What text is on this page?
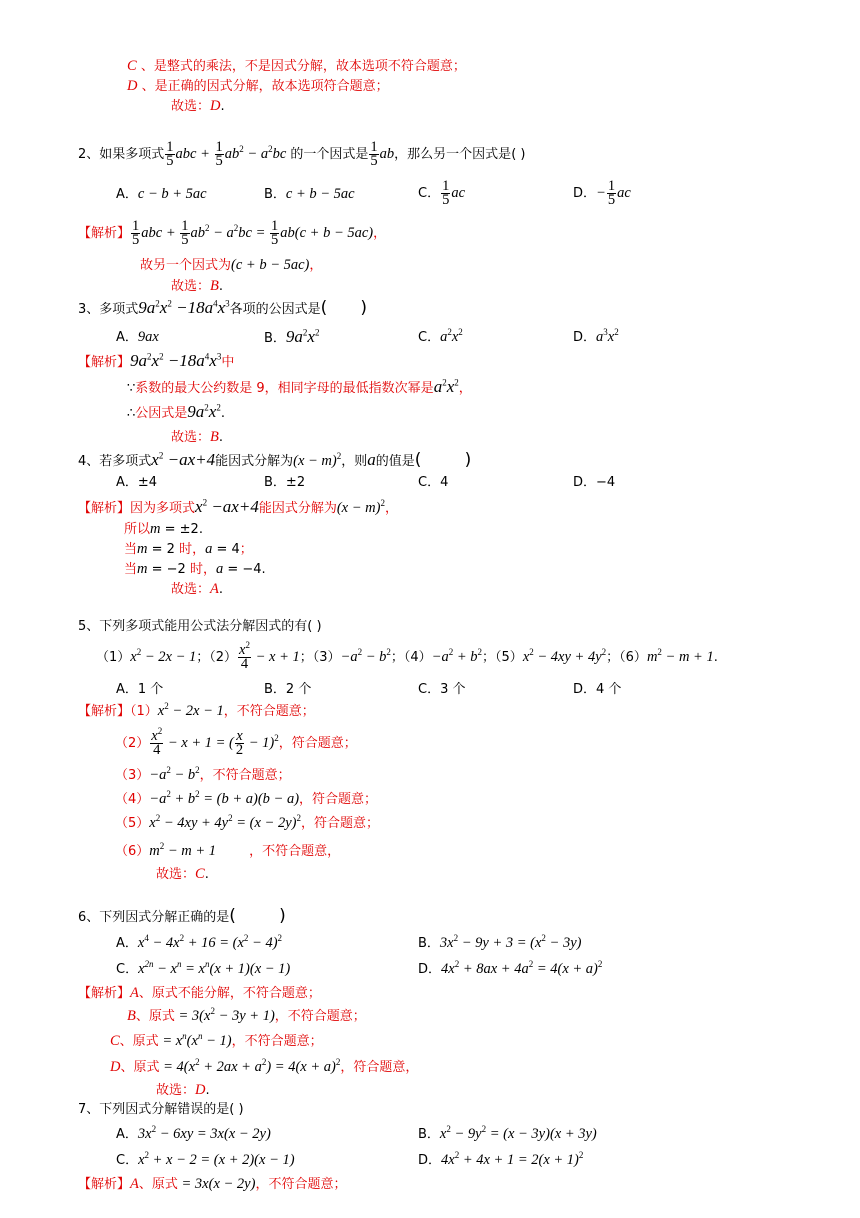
C 、是整式的乘法，不是因式分解，故本选项不符合题意；
D 、是正确的因式分解，故本选项符合题意；
故选：D.
2、如果多项式 $\frac{1}{5}$ abc + $\frac{1}{5} ab^2 - a^2bc$ 的一个因式是 $\frac{1}{5}$ ab，那么另一个因式是( )
A．c − b + 5ac	B．c + b − 5ac	C． $\frac{1}{5}$ ac	D．− $\frac{1}{5}$ ac
【解析】 $\frac{1}{5}$ abc + $\frac{1}{5} ab^2 - a^2bc = \frac{1}{5} ab(c + b - 5ac)$，
故另一个因式为(c + b − 5ac)，
故选：B.
3、多项式$9a^2x^2 -18a^4x^3$各项的公因式是( )
A．9ax	B．$9a^2x^2$	C．$a^2x^2$	D．$a^3x^2$
【解析】$9a^2x^2 -18a^4x^3$中
∵系数的最大公约数是 9，相同字母的最低指数次幂是$a^2x^2$，
∴公因式是$9a^2x^2$.
故选：B.
4、若多项式$x^2 -ax+4$能因式分解为$(x - m)^2$，则a的值是(        )
A．±4	B．±2	C．4	D．−4
【解析】因为多项式$x^2 -ax+4$能因式分解为$(x - m)^2$，
所以m = ±2.
当m = 2 时，a = 4；
当m = −2 时，a = −4.
故选：A.
5、下列多项式能用公式法分解因式的有( )
$(1)x^2 - 2x - 1$；$(2) \frac{x^2}{4} - x + 1$；$(3)-a^2 - b^2$；$(4)-a^2 + b^2$；$(5)x^2 - 4xy + 4y^2$；$(6)m^2 - m + 1$.
A．1 个	B．2 个	C．3 个	D．4 个
【解析】$(1)x^2 - 2x - 1$，不符合题意；
$(2) \frac{x^2}{4} - x + 1$ = ( $\frac{x}{2} - 1)^2$，符合题意；
$(3)-a^2 - b^2$，不符合题意；
$(4)-a^2 + b^2 = (b + a)(b - a)$，符合题意；
$(5)x^2 - 4xy + 4y^2 = (x - 2y)^2$，符合题意；
$(6)m^2 - m + 1$	，不符合题意，
故选：C.
6、下列因式分解正确的是(        )
A．$x^4 - 4x^2 + 16 = (x^2 - 4)^2$	B．$3x^2 - 9y + 3 = (x^2 - 3y)$
C．$x^{2n} - x^n = x^n(x + 1)(x - 1)$	D．$4x^2 + 8ax + 4a^2 = 4(x + a)^2$
【解析】A、原式不能分解，不符合题意；
B、原式 = $3(x^2 - 3y + 1)$，不符合题意；
C、原式 = $x^n(x^n - 1)$，不符合题意；
D、原式 = $4(x^2 + 2ax + a^2) = 4(x + a)^2$，符合题意，
故选：D.
7、下列因式分解错误的是( )
A．$3x^2 - 6xy = 3x(x - 2y)$	B．$x^2 - 9y^2 = (x - 3y)(x + 3y)$
C．$x^2 + x - 2 = (x + 2)(x - 1)$	D．$4x^2 + 4x + 1 = 2(x + 1)^2$
【解析】A、原式 = 3x(x − 2y)，不符合题意；
